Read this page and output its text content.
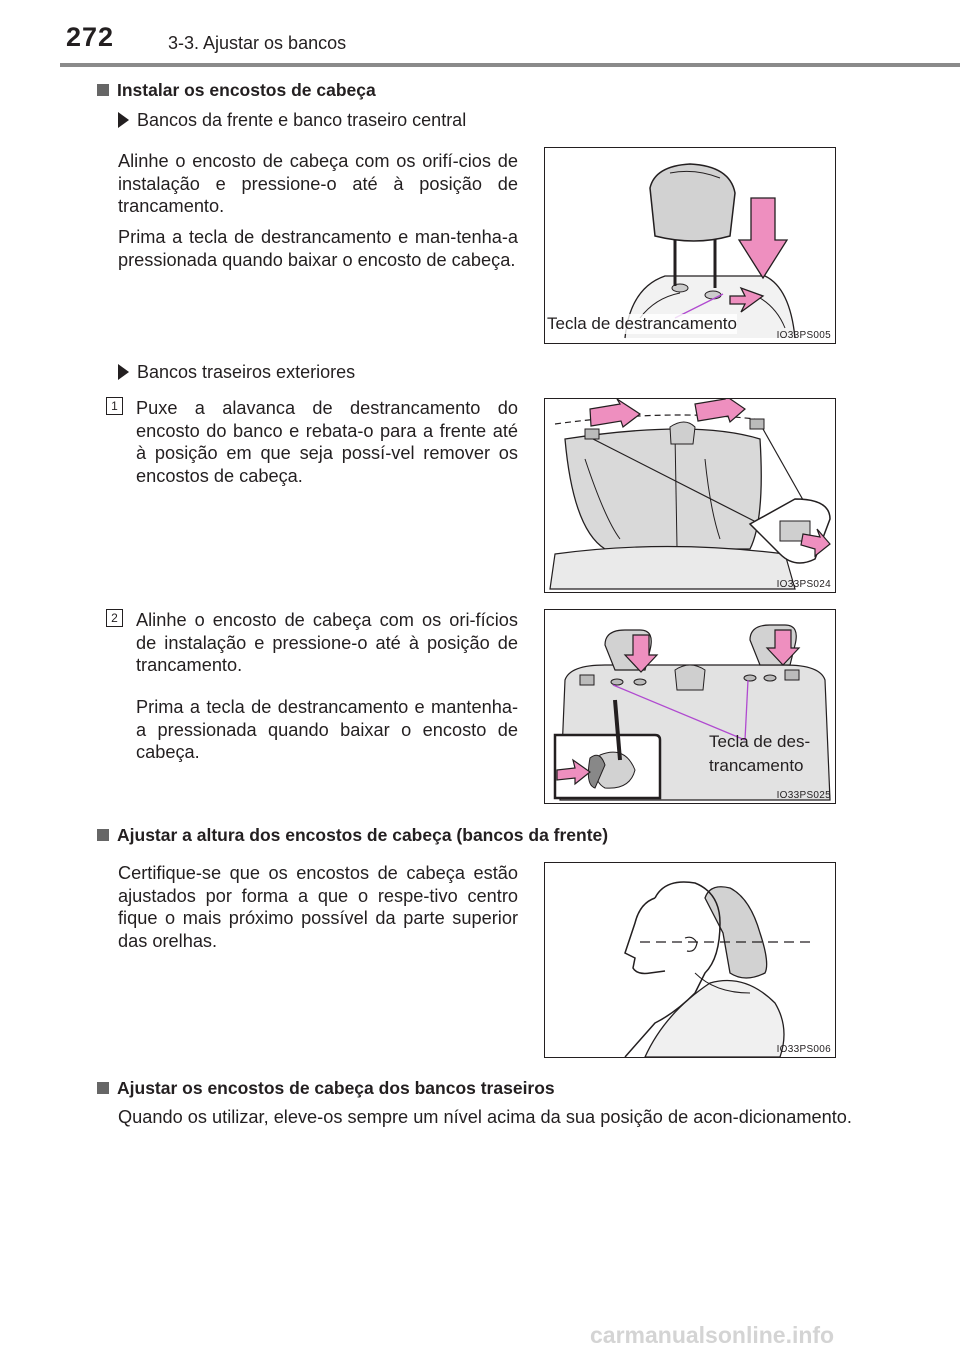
272	3-3. Ajustar os bancos
Instalar os encostos de cabeça
Bancos da frente e banco traseiro central
Alinhe o encosto de cabeça com os orifí-cios de instalação e pressione-o até à posição de trancamento.
Prima a tecla de destrancamento e man-tenha-a pressionada quando baixar o encosto de cabeça.
Tecla de destrancamento
IO33PS005
Bancos traseiros exteriores
1 Puxe a alavanca de destrancamento do encosto do banco e rebata-o para a frente até à posição em que seja possí-vel remover os encostos de cabeça.
IO33PS024
2 Alinhe o encosto de cabeça com os ori-fícios de instalação e pressione-o até à posição de trancamento.
Prima a tecla de destrancamento e mantenha-a pressionada quando baixar o encosto de cabeça.
Tecla de des-
trancamento
IO33PS025
Ajustar a altura dos encostos de cabeça (bancos da frente)
Certifique-se que os encostos de cabeça estão ajustados por forma a que o respe-tivo centro fique o mais próximo possível da parte superior das orelhas.
IO33PS006
Ajustar os encostos de cabeça dos bancos traseiros
Quando os utilizar, eleve-os sempre um nível acima da sua posição de acon-dicionamento.
carmanualsonline.info
